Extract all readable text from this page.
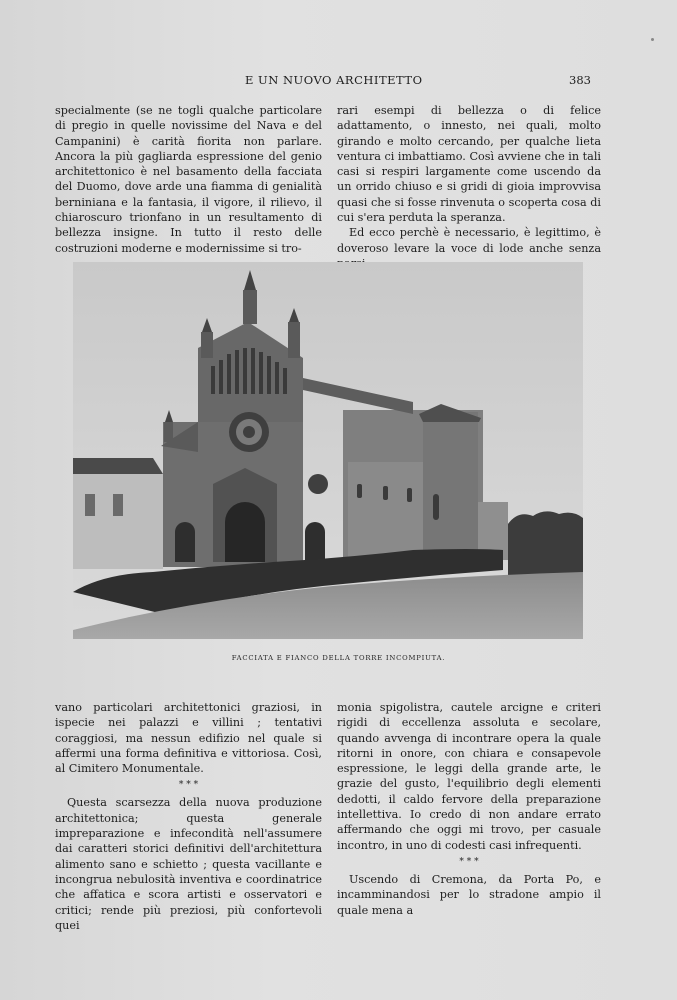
E UN NUOVO ARCHITETTO	383

specialmente (se ne togli qualche particolare di pregio in quelle novissime del Nava e del Campanini) è carità fiorita non parlare. Ancora la più gagliarda espressione del genio architettonico è nel basamento della facciata del Duomo, dove arde una fiamma di genialità berniniana e la fantasia, il vigore, il rilievo, il chiaroscuro trionfano in un resultamento di bellezza insigne. In tutto il resto delle costruzioni moderne e modernissime si tro-

rari esempi di bellezza o di felice adattamento, o innesto, nei quali, molto girando e molto cercando, per qualche lieta ventura ci imbattiamo. Così avviene che in tali casi si respiri largamente come uscendo da un orrido chiuso e si gridi di gioia improvvisa quasi che si fosse rinvenuta o scoperta cosa di cui s'era perduta la speranza.

Ed ecco perchè è necessario, è legittimo, è doveroso levare la voce di lode anche senza

FACCIATA E FIANCO DELLA TORRE INCOMPIUTA.

vano particolari architettonici graziosi, in ispecie nei palazzi e villini ; tentativi coraggiosi, ma nessun edifizio nel quale si affermi una forma definitiva e vittoriosa. Così, al Cimitero Monumentale.

* * *

Questa scarsezza della nuova produzione architettonica; questa generale impreparazione e infecondità nell'assumere dai caratteri storici definitivi dell'architettura alimento sano e schietto ; questa vacillante e incongrua nebulosità inventiva e coordinatrice che affatica e scora artisti e osservatori e critici; rende più preziosi, più confortevoli quei

monia spigolistra, cautele arcigne e criteri rigidi di eccellenza assoluta e secolare, quando avvenga di incontrare opera la quale ritorni in onore, con chiara e consapevole espressione, le leggi della grande arte, le grazie del gusto, l'equilibrio degli elementi dedotti, il caldo fervore della preparazione intellettiva. Io credo di non andare errato affermando che oggi mi trovo, per casuale incontro, in uno di codesti casi infrequenti.

* * *

Uscendo di Cremona, da Porta Po, e incamminandosi per lo stradone ampio il quale mena a
